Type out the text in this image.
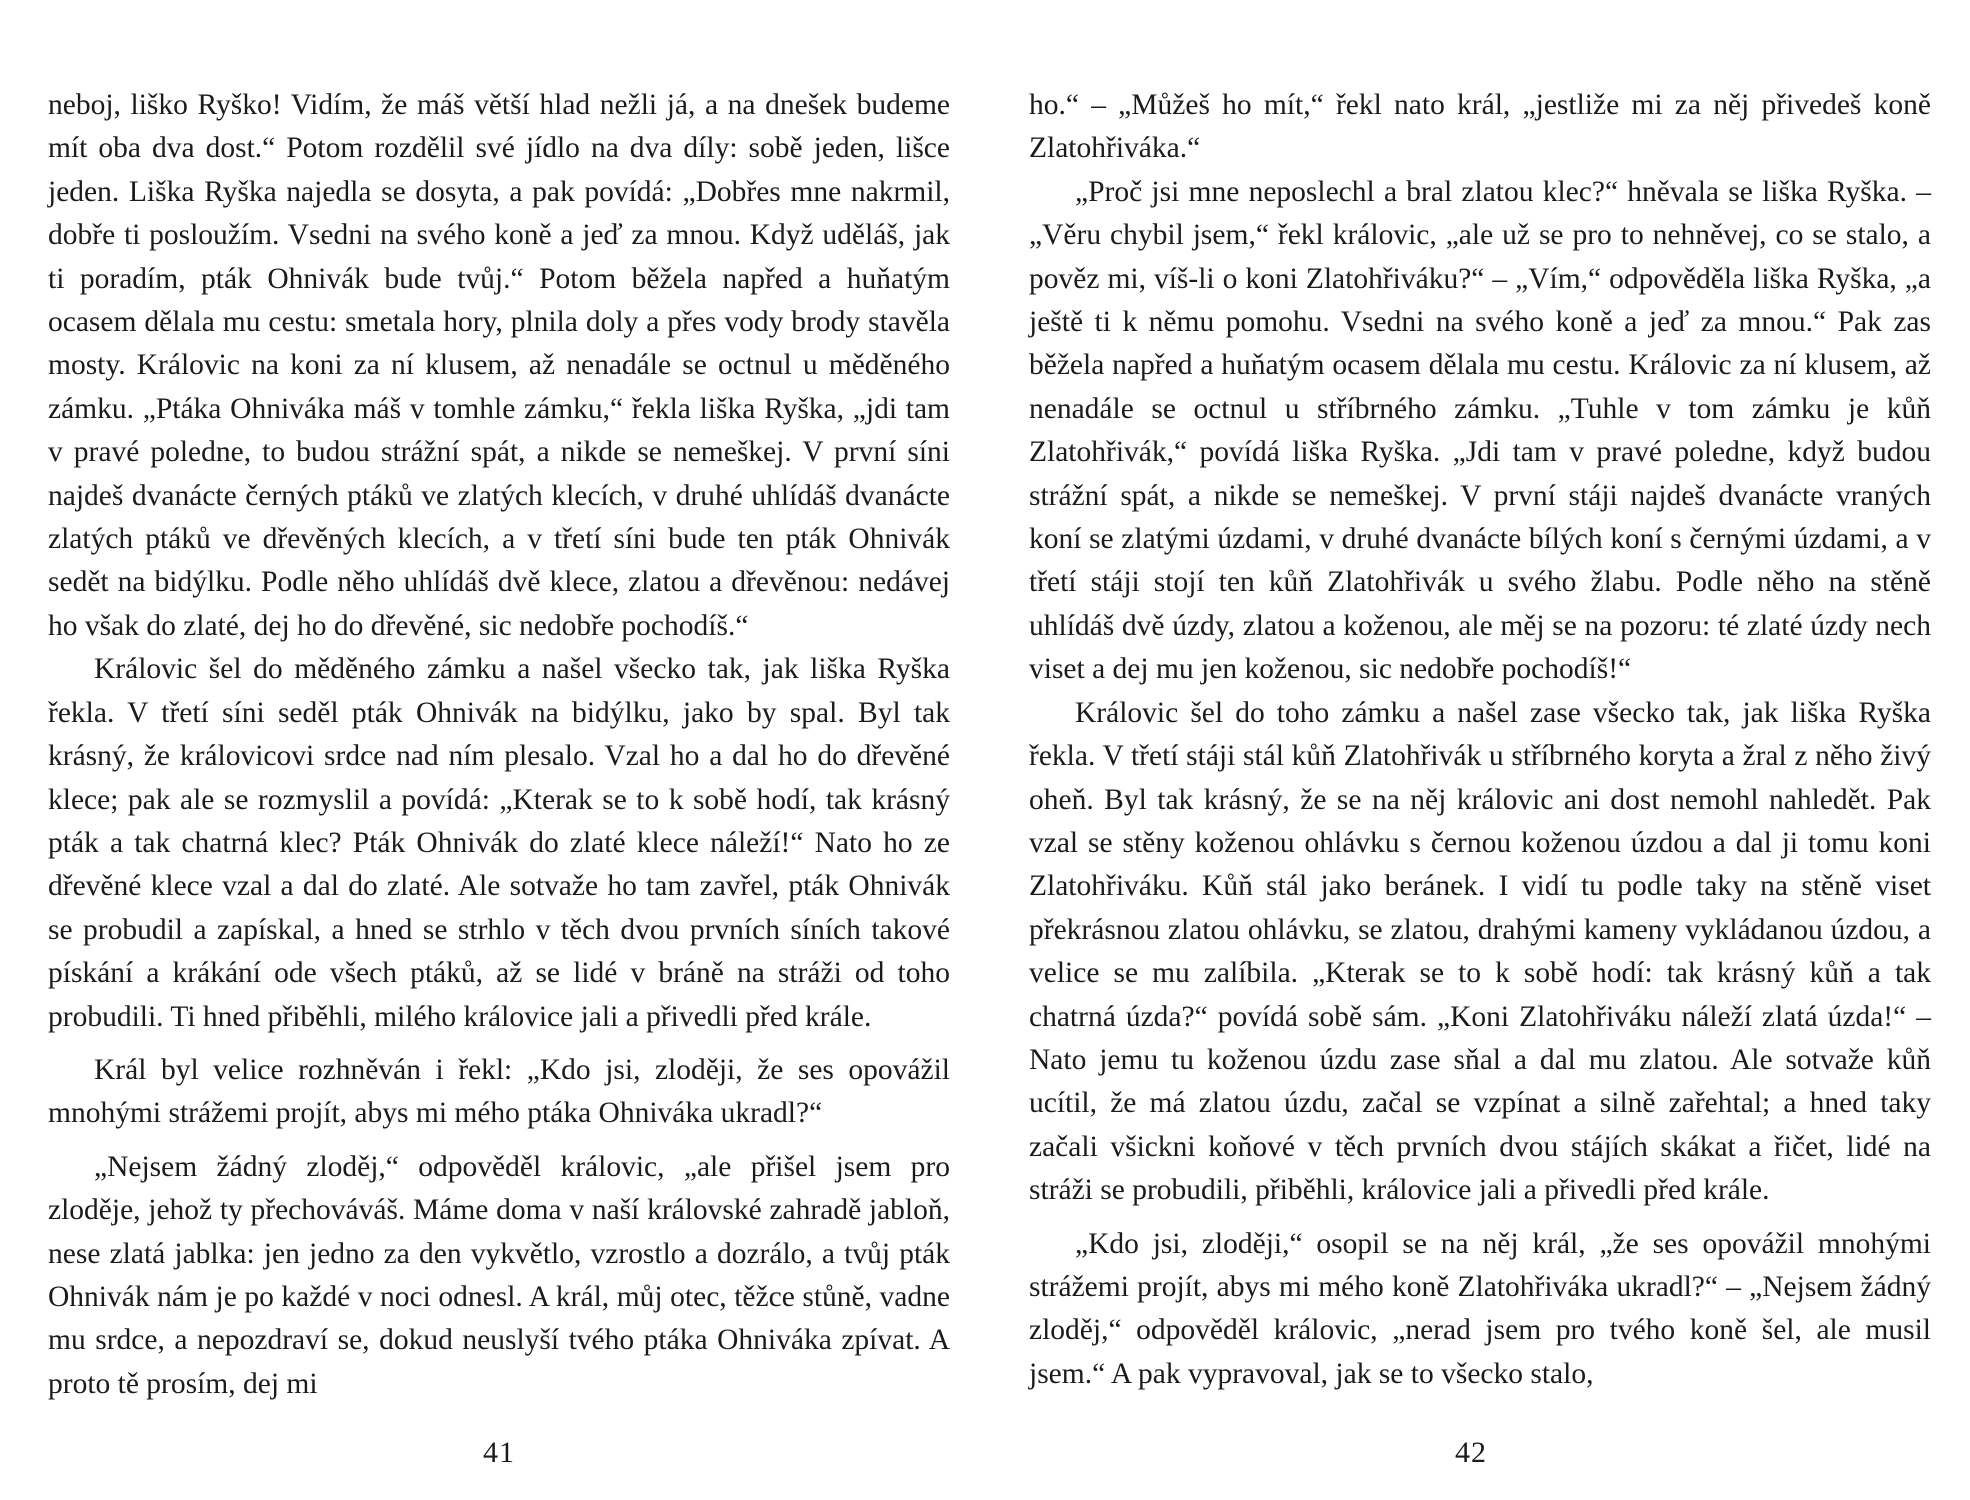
neboj, liško Ryško! Vidím, že máš větší hlad nežli já, a na dnešek budeme mít oba dva dost.“ Potom rozdělil své jídlo na dva díly: sobě jeden, lišce jeden. Liška Ryška najedla se dosyta, a pak povídá: „Dobřes mne nakrmil, dobře ti posloužím. Vsedni na svého koně a jeď za mnou. Když uděláš, jak ti poradím, pták Ohnivák bude tvůj.“ Potom běžela napřed a huňatým ocasem dělala mu cestu: smetala hory, plnila doly a přes vody brody stavěla mosty. Královic na koni za ní klusem, až nenadále se octnul u měděného zámku. „Ptáka Ohniváka máš v tomhle zámku,“ řekla liška Ryška, „jdi tam v pravé poledne, to budou strážní spát, a nikde se nemeškej. V první síni najdeš dvanácte černých ptáků ve zlatých klecích, v druhé uhlídáš dvanácte zlatých ptáků ve dřevěných klecích, a v třetí síni bude ten pták Ohnivák sedět na bidýlku. Podle něho uhlídáš dvě klece, zlatou a dřevěnou: nedávej ho však do zlaté, dej ho do dřevěné, sic nedobře pochodíš.“

Královic šel do měděného zámku a našel všecko tak, jak liška Ryška řekla. V třetí síni seděl pták Ohnivák na bidýlku, jako by spal. Byl tak krásný, že královicovi srdce nad ním plesalo. Vzal ho a dal ho do dřevěné klece; pak ale se rozmyslil a povídá: „Kterak se to k sobě hodí, tak krásný pták a tak chatrná klec? Pták Ohnivák do zlaté klece náleží!“ Nato ho ze dřevěné klece vzal a dal do zlaté. Ale sotvaže ho tam zavřel, pták Ohnivák se probudil a zapískal, a hned se strhlo v těch dvou prvních síních takové pískání a krákání ode všech ptáků, až se lidé v bráně na stráži od toho probudili. Ti hned přiběhli, milého královice jali a přivedli před krále.

Král byl velice rozhněván i řekl: „Kdo jsi, zloději, že ses opovážil mnohými strážemi projít, abys mi mého ptáka Ohniváka ukradl?“

„Nejsem žádný zloděj,“ odpověděl královic, „ale přišel jsem pro zloděje, jehož ty přechováváš. Máme doma v naší královské zahradě jabloň, nese zlatá jablka: jen jedno za den vykvětlo, vzrostlo a dozrálo, a tvůj pták Ohnivák nám je po každé v noci odnesl. A král, můj otec, těžce stůně, vadne mu srdce, a nepozdraví se, dokud neuslyší tvého ptáka Ohniváka zpívat. A proto tě prosím, dej mi

41

ho.“ – „Můžeš ho mít,“ řekl nato král, „jestliže mi za něj přivedeš koně Zlatohřiváka.“

„Proč jsi mne neposlechl a bral zlatou klec?“ hněvala se liška Ryška. – „Věru chybil jsem,“ řekl královic, „ale už se pro to nehněvej, co se stalo, a pověz mi, víš-li o koni Zlatohřiváku?“ – „Vím,“ odpověděla liška Ryška, „a ještě ti k němu pomohu. Vsedni na svého koně a jeď za mnou.“ Pak zas běžela napřed a huňatým ocasem dělala mu cestu. Královic za ní klusem, až nenadále se octnul u stříbrného zámku. „Tuhle v tom zámku je kůň Zlatohřivák,“ povídá liška Ryška. „Jdi tam v pravé poledne, když budou strážní spát, a nikde se nemeškej. V první stáji najdeš dvanácte vraných koní se zlatými úzdami, v druhé dvanácte bílých koní s černými úzdami, a v třetí stáji stojí ten kůň Zlatohřivák u svého žlabu. Podle něho na stěně uhlídáš dvě úzdy, zlatou a koženou, ale měj se na pozoru: té zlaté úzdy nech viset a dej mu jen koženou, sic nedobře pochodíš!“

Královic šel do toho zámku a našel zase všecko tak, jak liška Ryška řekla. V třetí stáji stál kůň Zlatohřivák u stříbrného koryta a žral z něho živý oheň. Byl tak krásný, že se na něj královic ani dost nemohl nahledět. Pak vzal se stěny koženou ohlávku s černou koženou úzdou a dal ji tomu koni Zlatohřiváku. Kůň stál jako beránek. I vidí tu podle taky na stěně viset překrásnou zlatou ohlávku, se zlatou, drahými kameny vykládanou úzdou, a velice se mu zalíbila. „Kterak se to k sobě hodí: tak krásný kůň a tak chatrná úzda?“ povídá sobě sám. „Koni Zlatohřiváku náleží zlatá úzda!“ – Nato jemu tu koženou úzdu zase sňal a dal mu zlatou. Ale sotvaže kůň ucítil, že má zlatou úzdu, začal se vzpínat a silně zařehtal; a hned taky začali všickni koňové v těch prvních dvou stájích skákat a řičet, lidé na stráži se probudili, přiběhli, královice jali a přivedli před krále.

„Kdo jsi, zloději,“ osopil se na něj král, „že ses opovážil mnohými strážemi projít, abys mi mého koně Zlatohřiváka ukradl?“ – „Nejsem žádný zloděj,“ odpověděl královic, „nerad jsem pro tvého koně šel, ale musil jsem.“ A pak vypravoval, jak se to všecko stalo,

42
